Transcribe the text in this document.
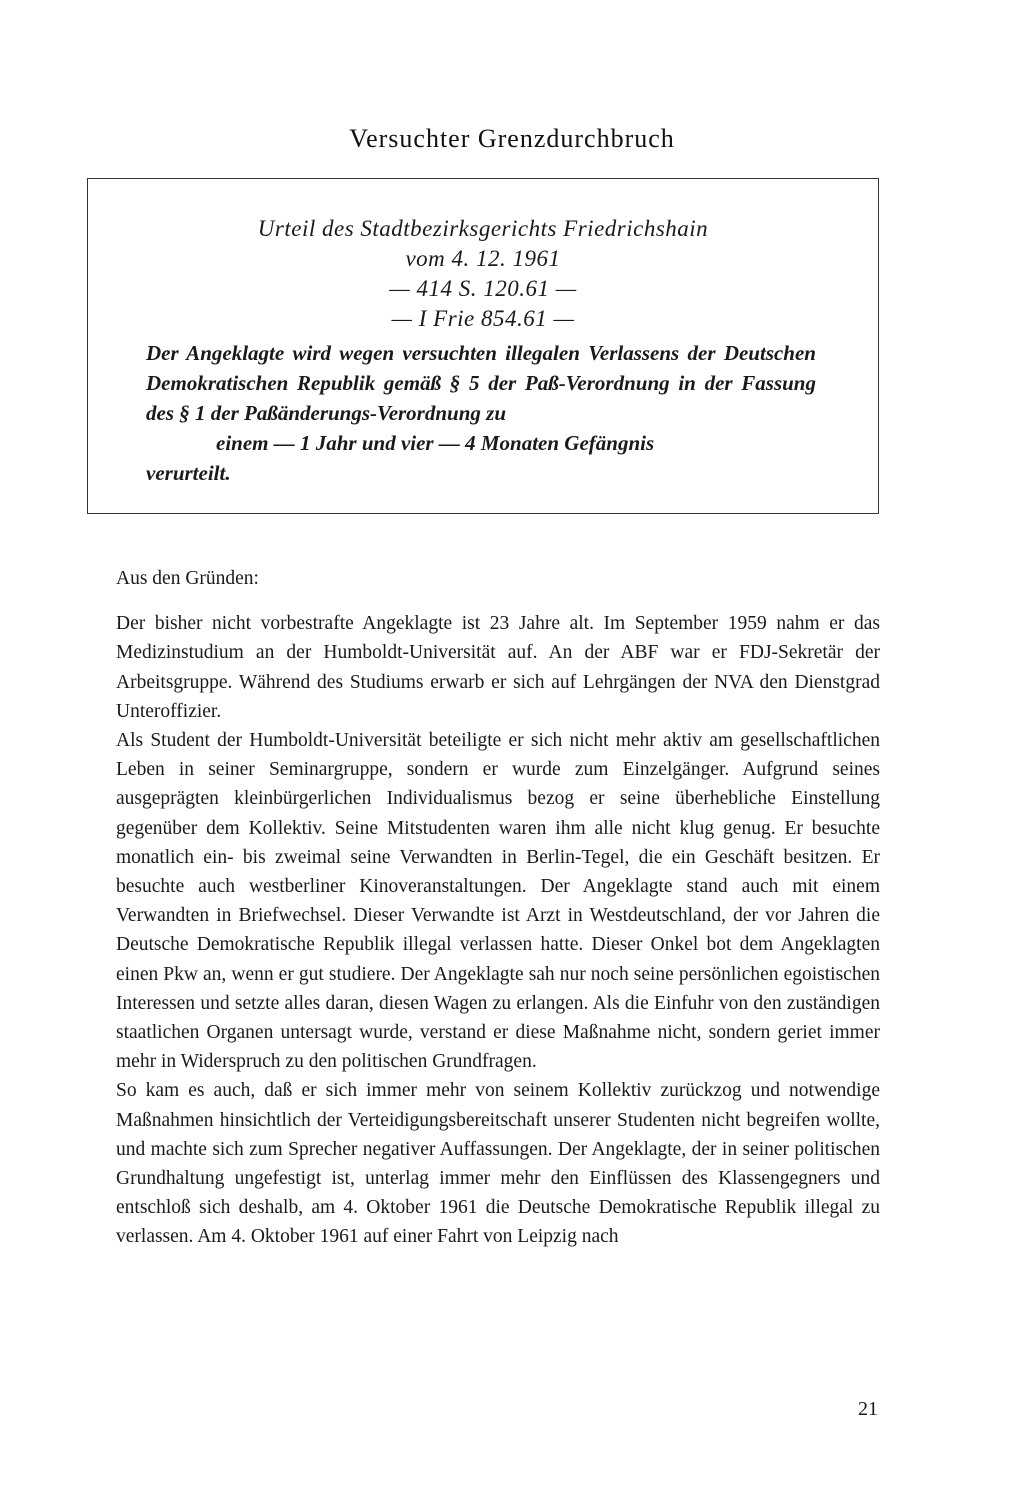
Versuchter Grenzdurchbruch
Urteil des Stadtbezirksgerichts Friedrichshain
vom 4. 12. 1961
— 414 S. 120.61 —
— I Frie 854.61 —

Der Angeklagte wird wegen versuchten illegalen Verlassens der Deutschen Demokratischen Republik gemäß § 5 der Paß-Verordnung in der Fassung des § 1 der Paßänderungs-Verordnung zu

einem — 1 Jahr und vier — 4 Monaten Gefängnis

verurteilt.

Aus den Gründen:

Der bisher nicht vorbestrafte Angeklagte ist 23 Jahre alt. Im September 1959 nahm er das Medizinstudium an der Humboldt-Universität auf. An der ABF war er FDJ-Sekretär der Arbeitsgruppe. Während des Studiums erwarb er sich auf Lehrgängen der NVA den Dienstgrad Unteroffizier.

Als Student der Humboldt-Universität beteiligte er sich nicht mehr aktiv am gesellschaftlichen Leben in seiner Seminargruppe, sondern er wurde zum Einzelgänger. Aufgrund seines ausgeprägten kleinbürgerlichen Individualismus bezog er seine überhebliche Einstellung gegenüber dem Kollektiv. Seine Mitstudenten waren ihm alle nicht klug genug. Er besuchte monatlich ein- bis zweimal seine Verwandten in Berlin-Tegel, die ein Geschäft besitzen. Er besuchte auch westberliner Kinoveranstaltungen. Der Angeklagte stand auch mit einem Verwandten in Briefwechsel. Dieser Verwandte ist Arzt in Westdeutschland, der vor Jahren die Deutsche Demokratische Republik illegal verlassen hatte. Dieser Onkel bot dem Angeklagten einen Pkw an, wenn er gut studiere. Der Angeklagte sah nur noch seine persönlichen egoistischen Interessen und setzte alles daran, diesen Wagen zu erlangen. Als die Einfuhr von den zuständigen staatlichen Organen untersagt wurde, verstand er diese Maßnahme nicht, sondern geriet immer mehr in Widerspruch zu den politischen Grundfragen.

So kam es auch, daß er sich immer mehr von seinem Kollektiv zurückzog und notwendige Maßnahmen hinsichtlich der Verteidigungsbereitschaft unserer Studenten nicht begreifen wollte, und machte sich zum Sprecher negativer Auffassungen. Der Angeklagte, der in seiner politischen Grundhaltung ungefestigt ist, unterlag immer mehr den Einflüssen des Klassengegners und entschloß sich deshalb, am 4. Oktober 1961 die Deutsche Demokratische Republik illegal zu verlassen. Am 4. Oktober 1961 auf einer Fahrt von Leipzig nach

21
